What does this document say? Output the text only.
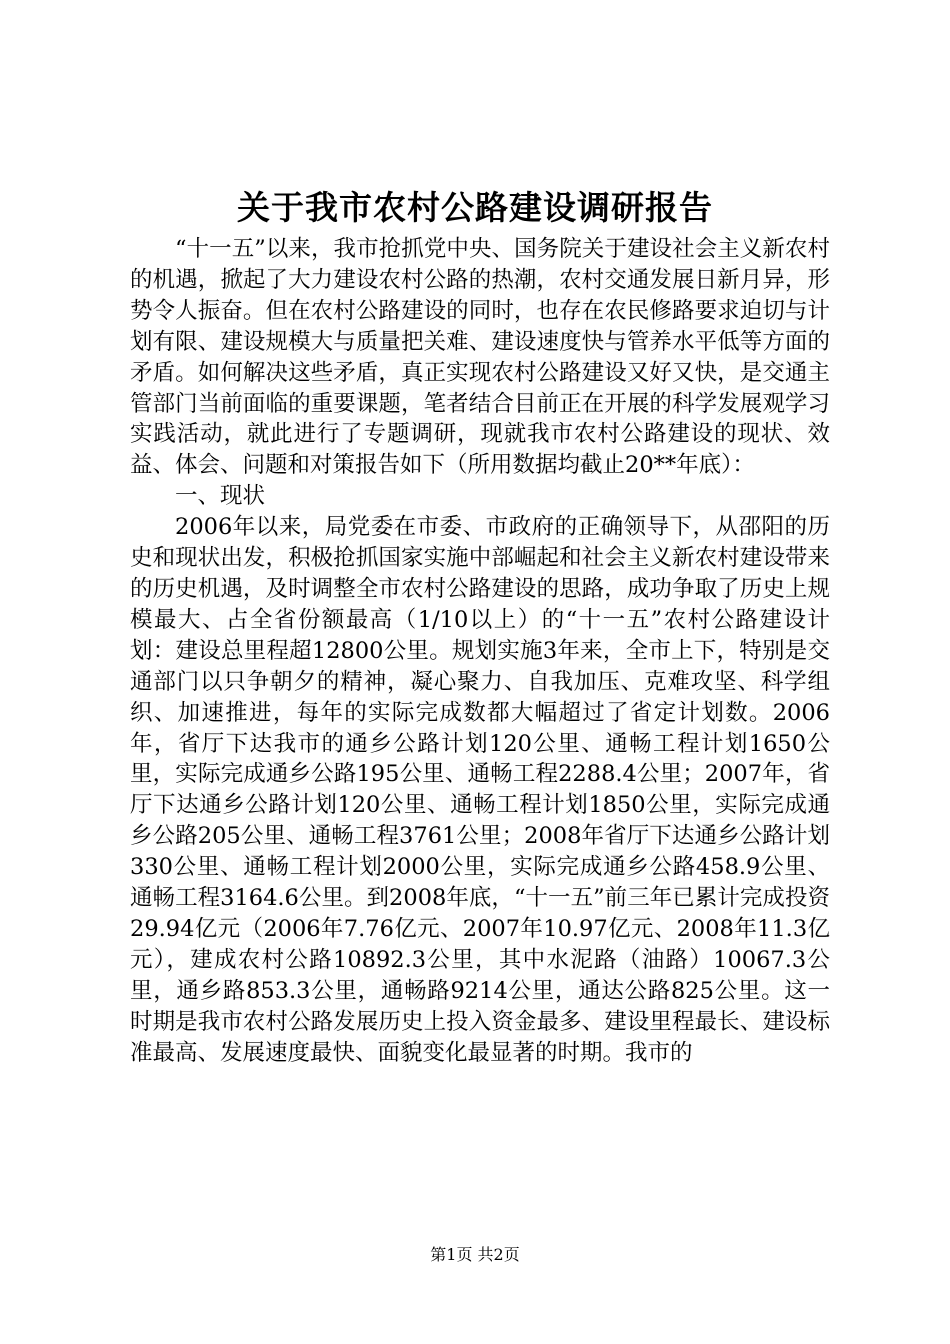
关于我市农村公路建设调研报告

“十一五”以来，我市抢抓党中央、国务院关于建设社会主义新农村的机遇，掀起了大力建设农村公路的热潮，农村交通发展日新月异，形势令人振奋。但在农村公路建设的同时，也存在农民修路要求迫切与计划有限、建设规模大与质量把关难、建设速度快与管养水平低等方面的矛盾。如何解决这些矛盾，真正实现农村公路建设又好又快，是交通主管部门当前面临的重要课题，笔者结合目前正在开展的科学发展观学习实践活动，就此进行了专题调研，现就我市农村公路建设的现状、效益、体会、问题和对策报告如下（所用数据均截止20**年底）：

一、现状

2006年以来，局党委在市委、市政府的正确领导下，从邵阳的历史和现状出发，积极抢抓国家实施中部崛起和社会主义新农村建设带来的历史机遇，及时调整全市农村公路建设的思路，成功争取了历史上规模最大、占全省份额最高（1/10以上）的“十一五”农村公路建设计划：建设总里程超12800公里。规划实施3年来，全市上下，特别是交通部门以只争朝夕的精神，凝心聚力、自我加压、克难攻坚、科学组织、加速推进，每年的实际完成数都大幅超过了省定计划数。2006年，省厅下达我市的通乡公路计划120公里、通畅工程计划1650公里，实际完成通乡公路195公里、通畅工程2288.4公里；2007年，省厅下达通乡公路计划120公里、通畅工程计划1850公里，实际完成通乡公路205公里、通畅工程3761公里；2008年省厅下达通乡公路计划330公里、通畅工程计划2000公里，实际完成通乡公路458.9公里、通畅工程3164.6公里。到2008年底，“十一五”前三年已累计完成投资29.94亿元（2006年7.76亿元、2007年10.97亿元、2008年11.3亿元），建成农村公路10892.3公里，其中水泥路（油路）10067.3公里，通乡路853.3公里，通畅路9214公里，通达公路825公里。这一时期是我市农村公路发展历史上投入资金最多、建设里程最长、建设标准最高、发展速度最快、面貌变化最显著的时期。我市的

第1页 共2页
